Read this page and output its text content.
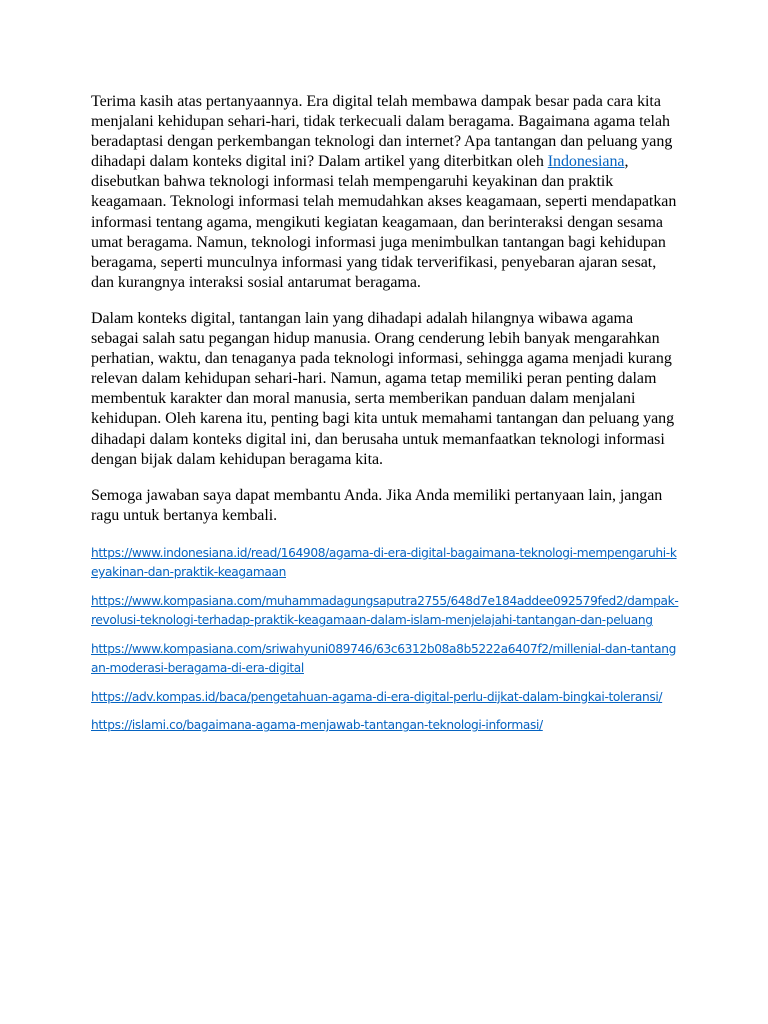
Terima kasih atas pertanyaannya. Era digital telah membawa dampak besar pada cara kita menjalani kehidupan sehari-hari, tidak terkecuali dalam beragama. Bagaimana agama telah beradaptasi dengan perkembangan teknologi dan internet? Apa tantangan dan peluang yang dihadapi dalam konteks digital ini? Dalam artikel yang diterbitkan oleh Indonesiana, disebutkan bahwa teknologi informasi telah mempengaruhi keyakinan dan praktik keagamaan. Teknologi informasi telah memudahkan akses keagamaan, seperti mendapatkan informasi tentang agama, mengikuti kegiatan keagamaan, dan berinteraksi dengan sesama umat beragama. Namun, teknologi informasi juga menimbulkan tantangan bagi kehidupan beragama, seperti munculnya informasi yang tidak terverifikasi, penyebaran ajaran sesat, dan kurangnya interaksi sosial antarumat beragama.

Dalam konteks digital, tantangan lain yang dihadapi adalah hilangnya wibawa agama sebagai salah satu pegangan hidup manusia. Orang cenderung lebih banyak mengarahkan perhatian, waktu, dan tenaganya pada teknologi informasi, sehingga agama menjadi kurang relevan dalam kehidupan sehari-hari. Namun, agama tetap memiliki peran penting dalam membentuk karakter dan moral manusia, serta memberikan panduan dalam menjalani kehidupan. Oleh karena itu, penting bagi kita untuk memahami tantangan dan peluang yang dihadapi dalam konteks digital ini, dan berusaha untuk memanfaatkan teknologi informasi dengan bijak dalam kehidupan beragama kita.

Semoga jawaban saya dapat membantu Anda. Jika Anda memiliki pertanyaan lain, jangan ragu untuk bertanya kembali.

https://www.indonesiana.id/read/164908/agama-di-era-digital-bagaimana-teknologi-mempengaruhi-keyakinan-dan-praktik-keagamaan

https://www.kompasiana.com/muhammadagungsaputra2755/648d7e184addee092579fed2/dampak-revolusi-teknologi-terhadap-praktik-keagamaan-dalam-islam-menjelajahi-tantangan-dan-peluang

https://www.kompasiana.com/sriwahyuni089746/63c6312b08a8b5222a6407f2/millenial-dan-tantangan-moderasi-beragama-di-era-digital

https://adv.kompas.id/baca/pengetahuan-agama-di-era-digital-perlu-dijkat-dalam-bingkai-toleransi/

https://islami.co/bagaimana-agama-menjawab-tantangan-teknologi-informasi/
